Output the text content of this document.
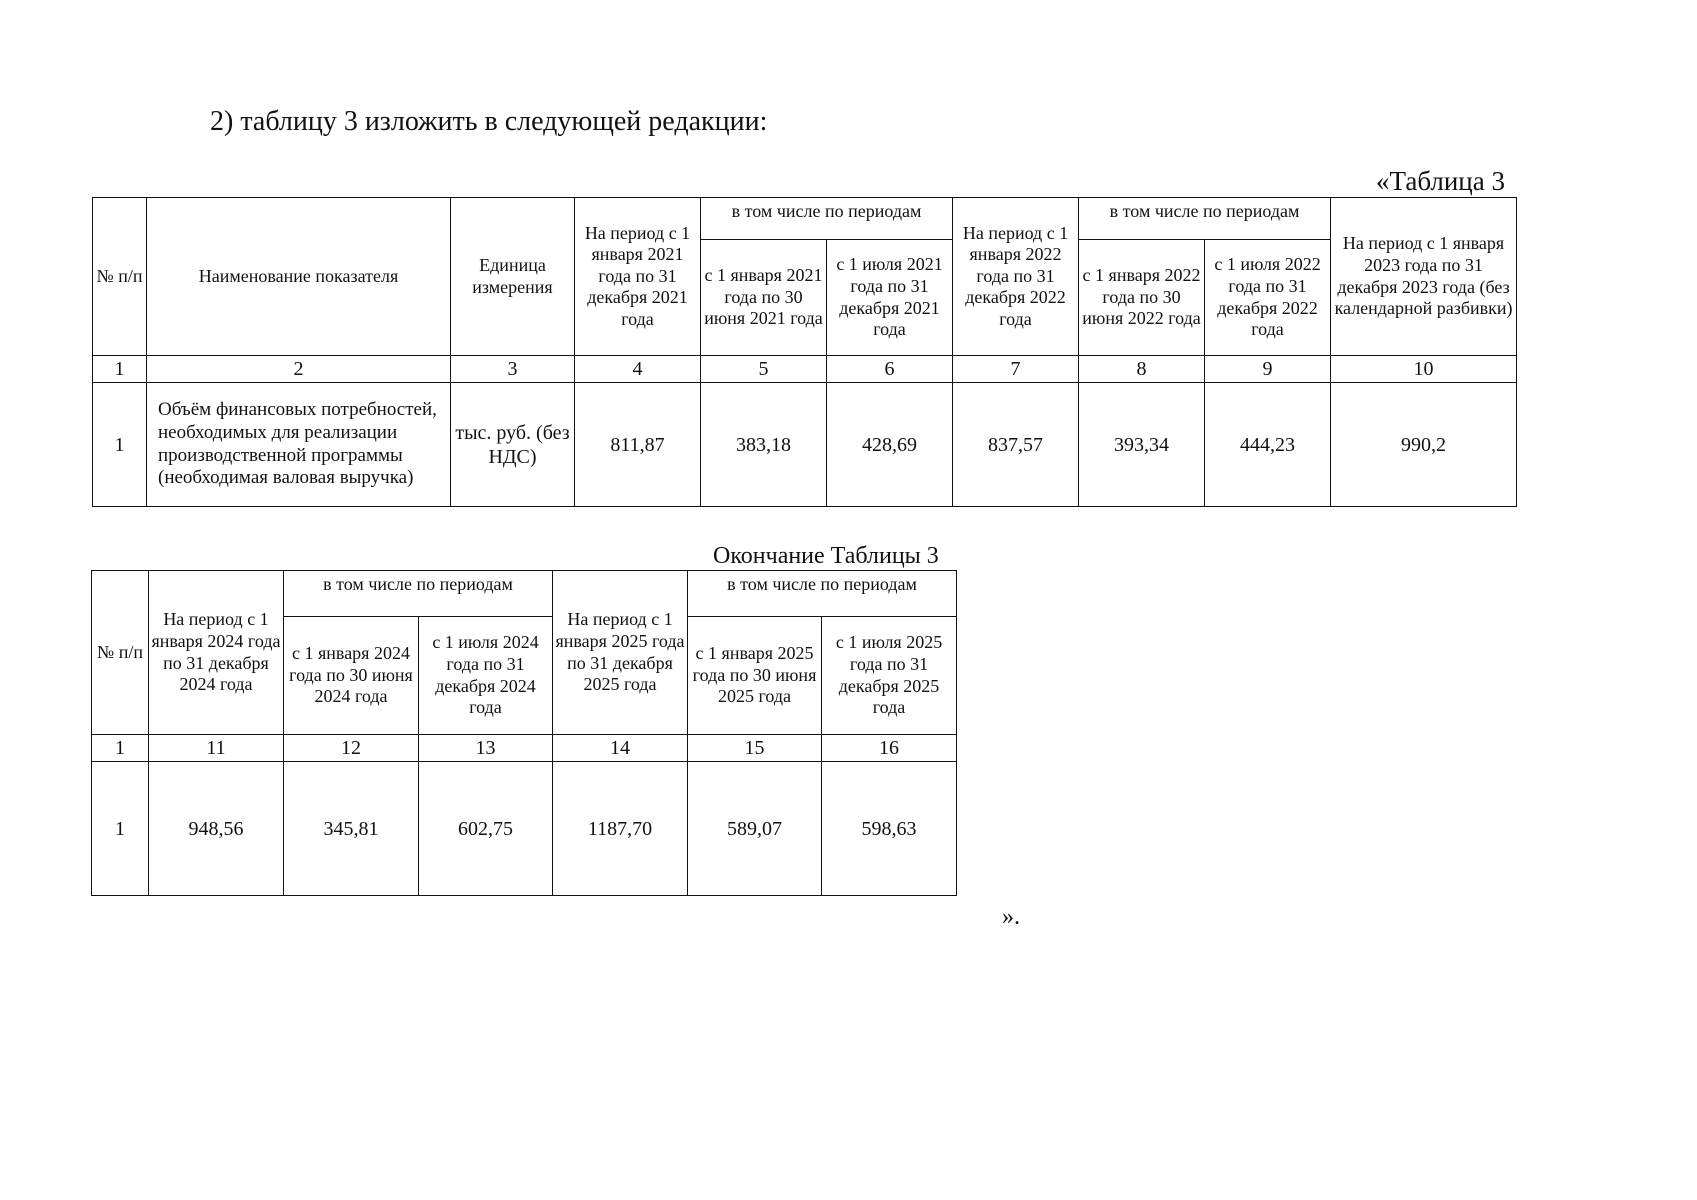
2) таблицу 3 изложить в следующей редакции:
«Таблица 3
№ п/п	Наименование показателя	Единица измерения	На период с 1 января 2021 года по 31 декабря 2021 года	в том числе по периодам		На период с 1 января 2022 года по 31 декабря 2022 года	в том числе по периодам		На период с 1 января 2023 года по 31 декабря 2023 года (без календарной разбивки)
				с 1 января 2021 года по 30 июня 2021 года	с 1 июля 2021 года по 31 декабря 2021 года		с 1 января 2022 года по 30 июня 2022 года	с 1 июля 2022 года по 31 декабря 2022 года	
1	2	3	4	5	6	7	8	9	10
1	Объём финансовых потребностей, необходимых для реализации производственной программы (необходимая валовая выручка)	тыс. руб. (без НДС)	811,87	383,18	428,69	837,57	393,34	444,23	990,2
Окончание Таблицы 3
№ п/п	На период с 1 января 2024 года по 31 декабря 2024 года	в том числе по периодам		На период с 1 января 2025 года по 31 декабря 2025 года	в том числе по периодам	
		с 1 января 2024 года по 30 июня 2024 года	с 1 июля 2024 года по 31 декабря 2024 года		с 1 января 2025 года по 30 июня 2025 года	с 1 июля 2025 года по 31 декабря 2025 года
1	11	12	13	14	15	16
1	948,56	345,81	602,75	1187,70	589,07	598,63
».
